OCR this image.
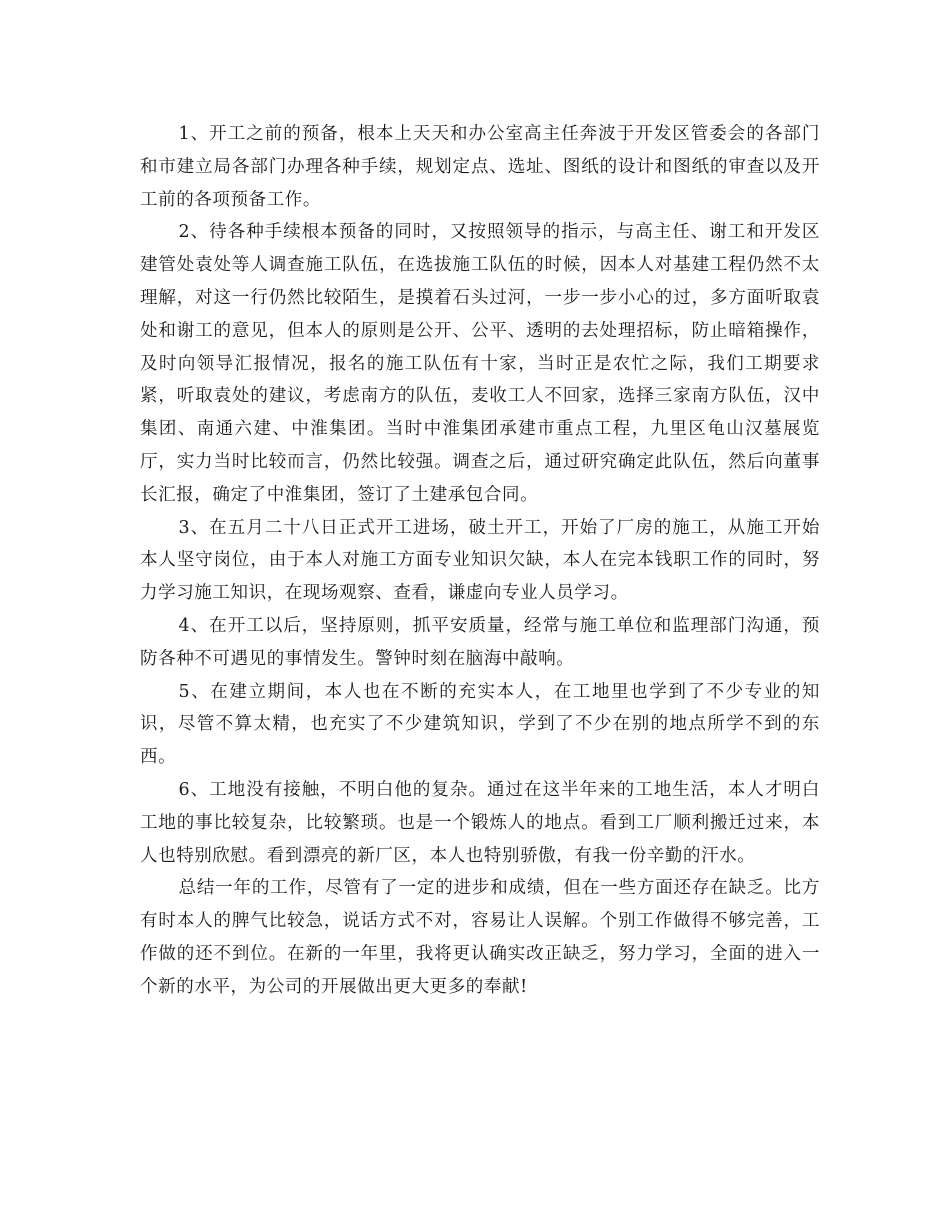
1、开工之前的预备，根本上天天和办公室高主任奔波于开发区管委会的各部门和市建立局各部门办理各种手续，规划定点、选址、图纸的设计和图纸的审查以及开工前的各项预备工作。

2、待各种手续根本预备的同时，又按照领导的指示，与高主任、谢工和开发区建管处袁处等人调查施工队伍，在选拔施工队伍的时候，因本人对基建工程仍然不太理解，对这一行仍然比较陌生，是摸着石头过河，一步一步小心的过，多方面听取袁处和谢工的意见，但本人的原则是公开、公平、透明的去处理招标，防止暗箱操作，及时向领导汇报情况，报名的施工队伍有十家，当时正是农忙之际，我们工期要求紧，听取袁处的建议，考虑南方的队伍，麦收工人不回家，选择三家南方队伍，汉中集团、南通六建、中淮集团。当时中淮集团承建市重点工程，九里区龟山汉墓展览厅，实力当时比较而言，仍然比较强。调查之后，通过研究确定此队伍，然后向董事长汇报，确定了中淮集团，签订了土建承包合同。

3、在五月二十八日正式开工进场，破土开工，开始了厂房的施工，从施工开始本人坚守岗位，由于本人对施工方面专业知识欠缺，本人在完本钱职工作的同时，努力学习施工知识，在现场观察、查看，谦虚向专业人员学习。

4、在开工以后，坚持原则，抓平安质量，经常与施工单位和监理部门沟通，预防各种不可遇见的事情发生。警钟时刻在脑海中敲响。

5、在建立期间，本人也在不断的充实本人，在工地里也学到了不少专业的知识，尽管不算太精，也充实了不少建筑知识，学到了不少在别的地点所学不到的东西。

6、工地没有接触，不明白他的复杂。通过在这半年来的工地生活，本人才明白工地的事比较复杂，比较繁琐。也是一个锻炼人的地点。看到工厂顺利搬迁过来，本人也特别欣慰。看到漂亮的新厂区，本人也特别骄傲，有我一份辛勤的汗水。

总结一年的工作，尽管有了一定的进步和成绩，但在一些方面还存在缺乏。比方有时本人的脾气比较急，说话方式不对，容易让人误解。个别工作做得不够完善，工作做的还不到位。在新的一年里，我将更认确实改正缺乏，努力学习，全面的进入一个新的水平，为公司的开展做出更大更多的奉献!
